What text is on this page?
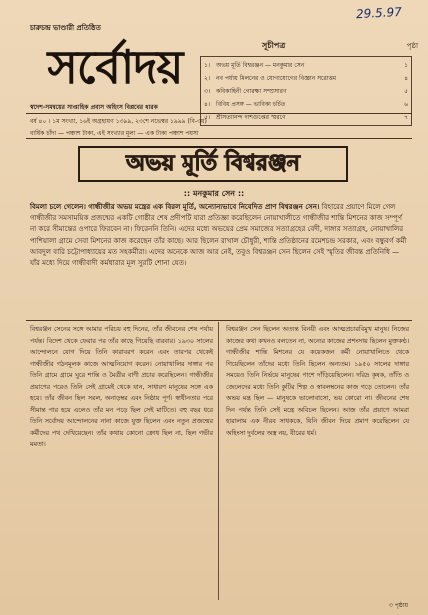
29.5.97
চারুচন্দ্র ভাণ্ডারী প্রতিষ্ঠিত
সর্বোদয়
স্বদেশ-সমন্বয়ের সাপ্তাহিক প্রবাস অহিংস বিপ্লবের ধারক
সূচীপত্র	পৃষ্ঠা
১। অভয় মূর্তি বিশ্বরঞ্জন — মনকুমার সেন	১
২। নব পর্যায় মিলনের ও যোগাযোগের বিজ্ঞান সরোত্তম	৪
৩। কবিকাহিনী গোরক্ষা সম্প্রসারণ	৫
৪। বিবিধ প্রসঙ্গ — ভাবিকা চর্চিত	৬
৫। শ্রীসত্যানন্দ দাশগুপ্তের স্মরণে	৭
বর্ষ ৪০ । ১ম সংখ্যা, ১৬ই অগ্রহায়ণ ১৩৯৯, ২৩শে নভেম্বর ১৯৯৯ (বি-৩য়)
বার্ষিক চাঁদা — পঞ্চাশ টাকা, এই সংখ্যার মূল্য — এক টাকা পঞ্চাশ পয়সা
অভয় মূর্তি বিশ্বরঞ্জন
:: মনকুমার সেন ::
বিমলা চলে গেলেন। গান্ধীজীর অভয় মন্ত্রের এক বিরল মূর্তি, অন্যোন্যভাবে নিবেদিত প্রাণ বিশ্বরঞ্জন সেন। বিহারের প্রয়াণে মিলে গেল গান্ধীজীর সমসাময়িক প্রজন্মের একটি গোষ্ঠীর শেষ প্রদীপটি যারা প্রতিজ্ঞা করেছিলেন নোয়াখালীতে গান্ধীজীর শান্তি মিশনের কাজ সম্পূর্ণ না করে সীমান্তের ওপারে ফিরবেন না। ফিরেননি তিনি। এদের মধ্যে অভয়ের প্রেম সমাজের সত্যাগ্রহের বেদী, দাঙ্গার সত্যাগ্রহ, নোয়াখালির পাশিয়ালা গ্রামে সেবা মিশনের কাজ করেছেন তাঁর কাছে। আর ছিলেন রাখাল চৌধুরী, শান্তি প্রতিষ্ঠানের রমেশচন্দ্র সরকার, এবং বন্ধুবর্গ কর্মী আবদুল বারি চট্টোপাধ্যায়ের মত সহকর্মীরা। এদের অনেকে আজ আর নেই, তবুও বিশ্বরঞ্জন সেন ছিলেন সেই স্মৃতির জীবন্ত প্রতিনিধি — যাঁর মধ্যে দিয়ে গান্ধীবাদী কর্মধারার মূল সুরটি শোনা যেত।
বিশ্বরঞ্জন সেনের সঙ্গে আমার পরিচয় বহু দিনের, তাঁর জীবনের শেষ পর্যায় পর্যন্ত। বিদেশ থেকে ফেরার পর তাঁর কাছে গিয়েছি বারবার। ১৯৩০ সালের আন্দোলনে যোগ দিয়ে তিনি কারাবরণ করেন এবং তারপর থেকেই গান্ধীজীর গঠনমূলক কাজে আত্মনিয়োগ করেন। নোয়াখালির দাঙ্গার পর তিনি গ্রামে গ্রামে ঘুরে শান্তি ও মৈত্রীর বাণী প্রচার করেছিলেন। গান্ধীজীর প্রয়াণের পরেও তিনি সেই গ্রামেই থেকে যান, সাধারণ মানুষের সঙ্গে এক হয়ে। তাঁর জীবন ছিল সরল, অনাড়ম্বর এবং নিষ্ঠায় পূর্ণ। স্বাধীনতার পরে সীমান্ত পার হয়ে এলেও তাঁর মন পড়ে ছিল সেই মাটিতে। বহু বছর ধরে তিনি সর্বোদয় আন্দোলনের নানা কাজে যুক্ত ছিলেন এবং নতুন প্রজন্মের কর্মীদের পথ দেখিয়েছেন। তাঁর কথায় কোনো ক্রোধ ছিল না, ছিল গভীর মমতা।
বিশ্বরঞ্জন সেন ছিলেন অত্যন্ত বিনয়ী এবং আত্মপ্রচারবিমুখ মানুষ। নিজের কাজের কথা কখনও বলতেন না, অন্যের কাজের প্রশংসায় ছিলেন মুক্তকণ্ঠ। গান্ধীজীর শান্তি মিশনের যে কয়েকজন কর্মী নোয়াখালিতে থেকে গিয়েছিলেন তাঁদের মধ্যে তিনি ছিলেন অন্যতম। ১৯৫০ সালের দাঙ্গার সময়েও তিনি নির্ভয়ে মানুষের পাশে দাঁড়িয়েছিলেন। দরিদ্র কৃষক, তাঁতি ও জেলেদের মধ্যে তিনি কুটির শিল্প ও স্বাবলম্বনের কাজ গড়ে তোলেন। তাঁর অভয় মন্ত্র ছিল — মানুষকে ভালোবাসো, ভয় কোরো না। জীবনের শেষ দিন পর্যন্ত তিনি সেই মন্ত্রে অবিচল ছিলেন। আজ তাঁর প্রয়াণে আমরা হারালাম এক নীরব সাধককে, যিনি জীবন দিয়ে প্রমাণ করেছিলেন যে অহিংসা দুর্বলের অস্ত্র নয়, বীরের ধর্ম।
৩ পৃষ্ঠায়
